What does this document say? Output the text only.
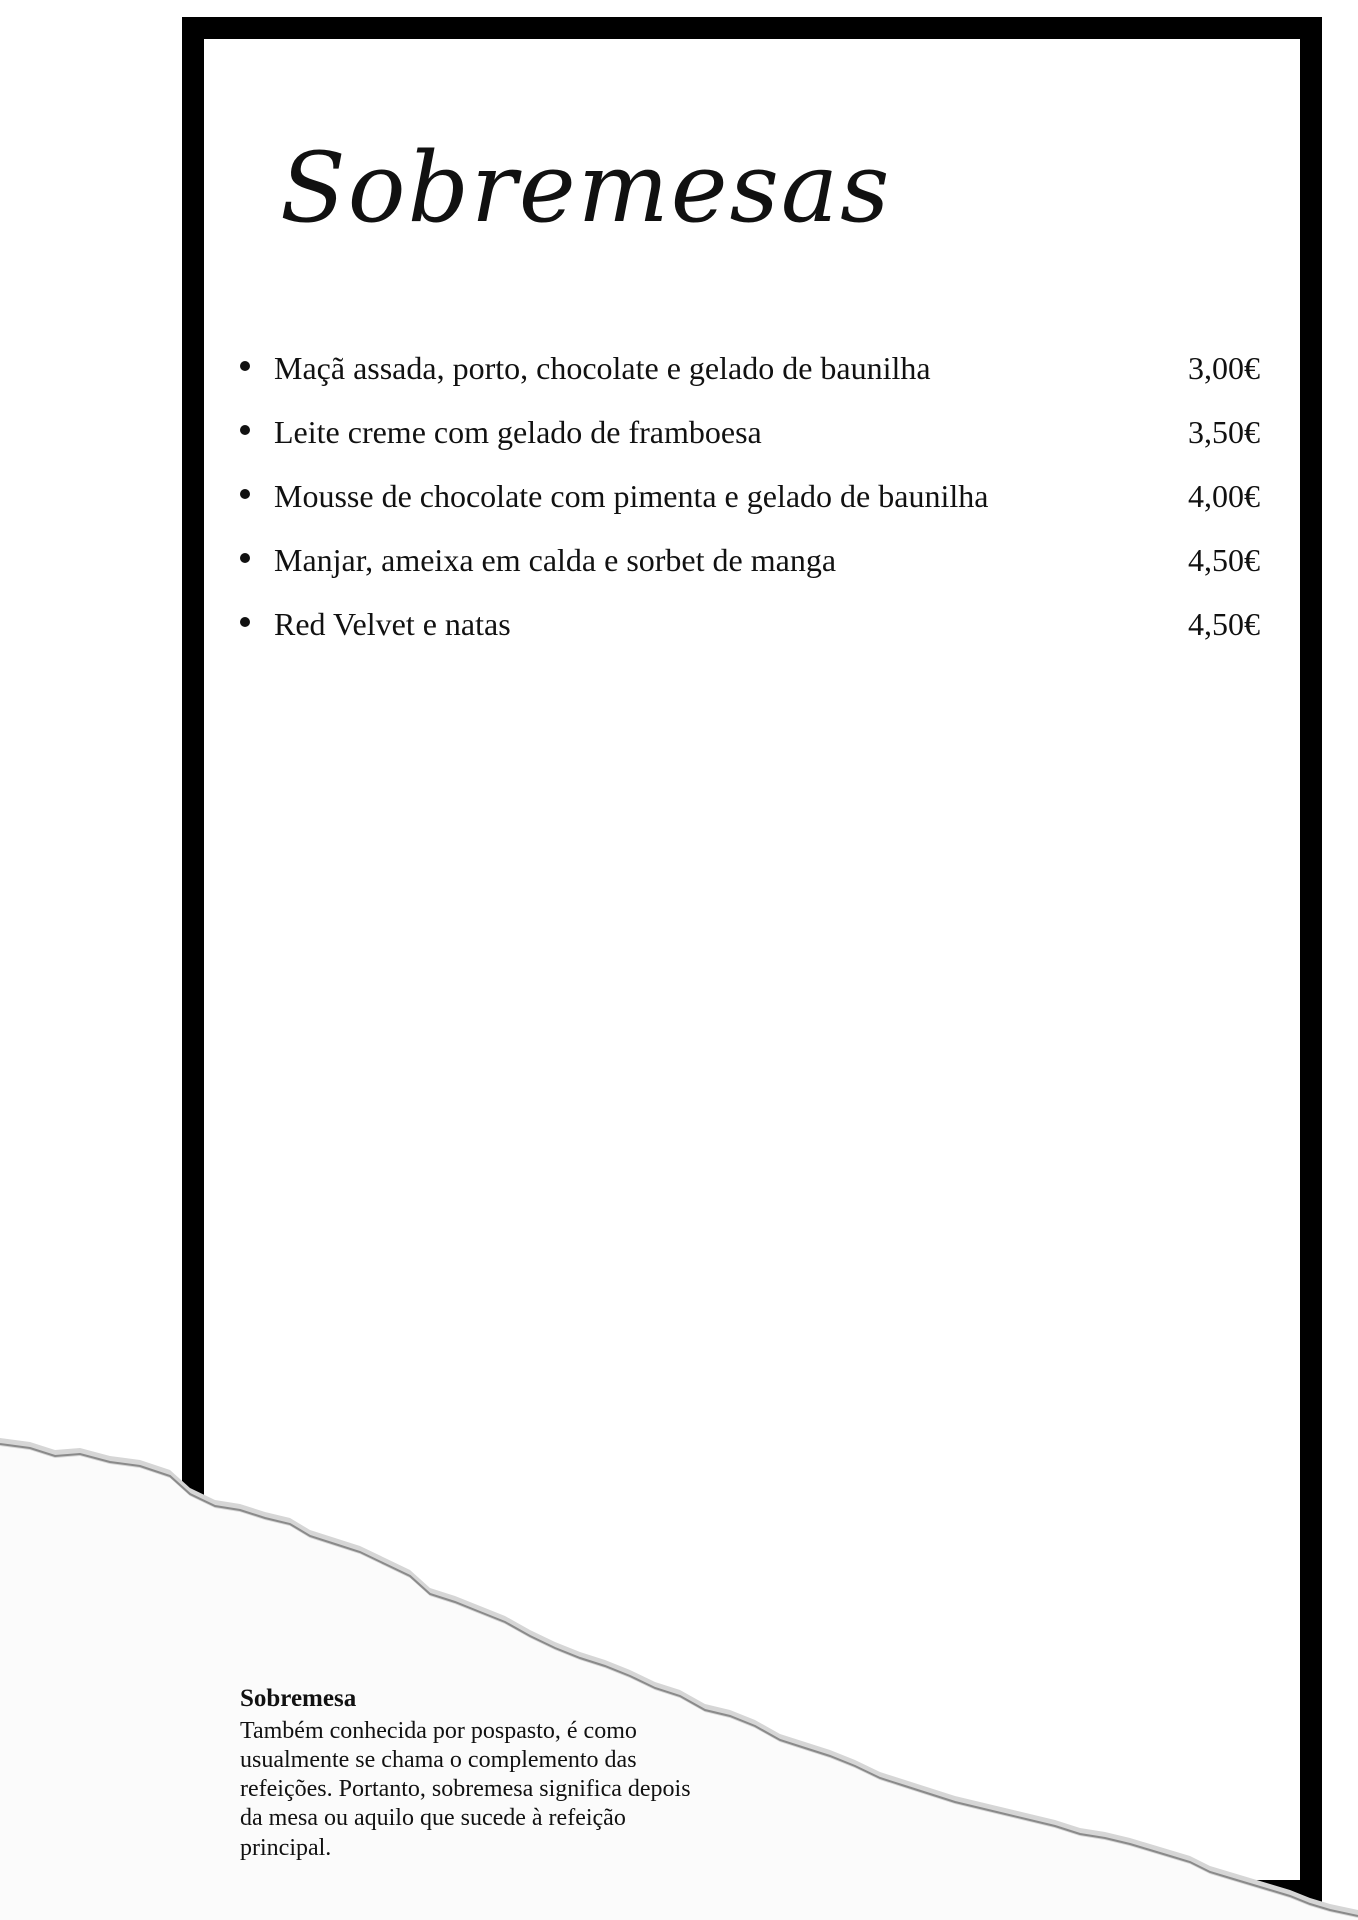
Sobremesas
Maçã assada, porto, chocolate e gelado de baunilha	3,00€
Leite creme com gelado de framboesa	3,50€
Mousse de chocolate com pimenta e gelado de baunilha	4,00€
Manjar, ameixa em calda e sorbet de manga	4,50€
Red Velvet e natas	4,50€

Sobremesa

Também conhecida por pospasto, é como usualmente se chama o complemento das refeições. Portanto, sobremesa significa depois da mesa ou aquilo que sucede à refeição principal.
